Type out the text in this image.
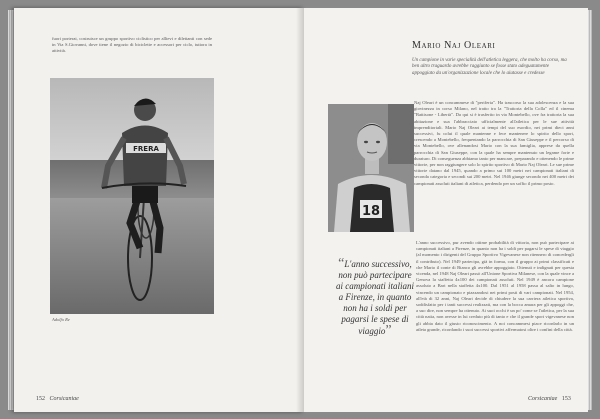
fuori porterai, costruisce un gruppo sportivo ciclistico per allievi e dilettanti con sede in Via S.Giovanni, dove tiene il negozio di biciclette e accessori per ciclo, tuttora in attività.
FRERA
Adolfo Re
152 Corsicaniae
Mario Naj Oleari
Un campione in varie specialità dell'atletica leggera, che molto ha corso, ma ben altro traguardo avrebbe raggiunto se fosse stato adeguatamente appoggiato da un'organizzazione locale che lo aiutasse e credesse
18
Naj Oleari è un concammese di "periferia". Ha trascorso la sua adolescenza e la sua giovinezza in corso Milano, nel tratto tra la "Trattoria della Colla" ed il cinema "Battisone - Libertà". Da qui si è trasferito in via Montebello, ove fra trattoria la sua abitazione e sua l'abbracciato ufficialmente all'atletica per le sue attività imprenditoriali. Mario Naj Oleari ai tempi del suo esordio, nei primi dieci anni successivi, fu colui il quale mantenne e fece mantenere lo spirito dello sport, crescendo a Montebello, frequentando la parrocchia di San Giuseppe e il percorso di via Montebello, ove allenandosi Mario con la sua famiglia, apprese da quella parrocchia di San Giuseppe, con la quale ha sempre mantenuto un legame forte e duraturo. Di conseguenza abbiamo tanto per mancare, preparando e ottenendo le prime vittorie, per non raggiungere solo lo spirito sportivo di Mario Naj Oleari. Le sue prime vittorie datano dal 1945, quando a primo sui 100 metri nei campionati italiani di seconda categoria e secondi sui 200 metri. Nel 1946 giunge secondo nei 400 metri dei campionati assoluti italiani di atletica, perdendo per un soffio il primo posto.
“L'anno successivo, non può partecipare ai campionati italiani a Firenze, in quanto non ha i soldi per pagarsi le spese di viaggio”
L'anno successivo, pur avendo ottime probabilità di vittoria, non può partecipare ai campionati italiani a Firenze, in quanto non ha i soldi per pagarsi le spese di viaggio (al momento i dirigenti del Gruppo Sportivo Vigevanese non ritennero di concedergli il contributo). Nel 1949 partecipa, già in forma, con il gruppo ai primi classificati e che Mario il conte di Bianco gli avrebbe appoggiato. Ottenuti e indignati per questa vicenda, nel 1948 Naj Oleari passò all'Unione Sportiva Milanese, con la quale vince a Genova la staffetta 4x100 dei campionati assoluti. Nel 1949 è ancora campione assoluto a Bari nella staffetta 4x100. Dal 1951 al 1958 passa al salto in lungo, vincendo un campionato e piazzandosi nei primi posti di vari campionati. Nel 1954, all'età di 32 anni, Naj Oleari decide di chiudere la sua carriera atletica sportiva, soddisfatto per i tanti successi realizzati, ma con la bocca amara per gli appoggi che, a suo dire, non sempre ha ottenuto. Ai suoi occhi è un po' come se l'atletica, per la sua città natia, non avesse in lui creduto più di tanto e che il grande sport vigevanese non gli abbia dato il giusto riconoscimento. A noi concammesi piace ricordarlo in un atleta grande, ricordando i suoi successi sportivi affermatosi oltre i confini della città.
Corsicaniae 153
